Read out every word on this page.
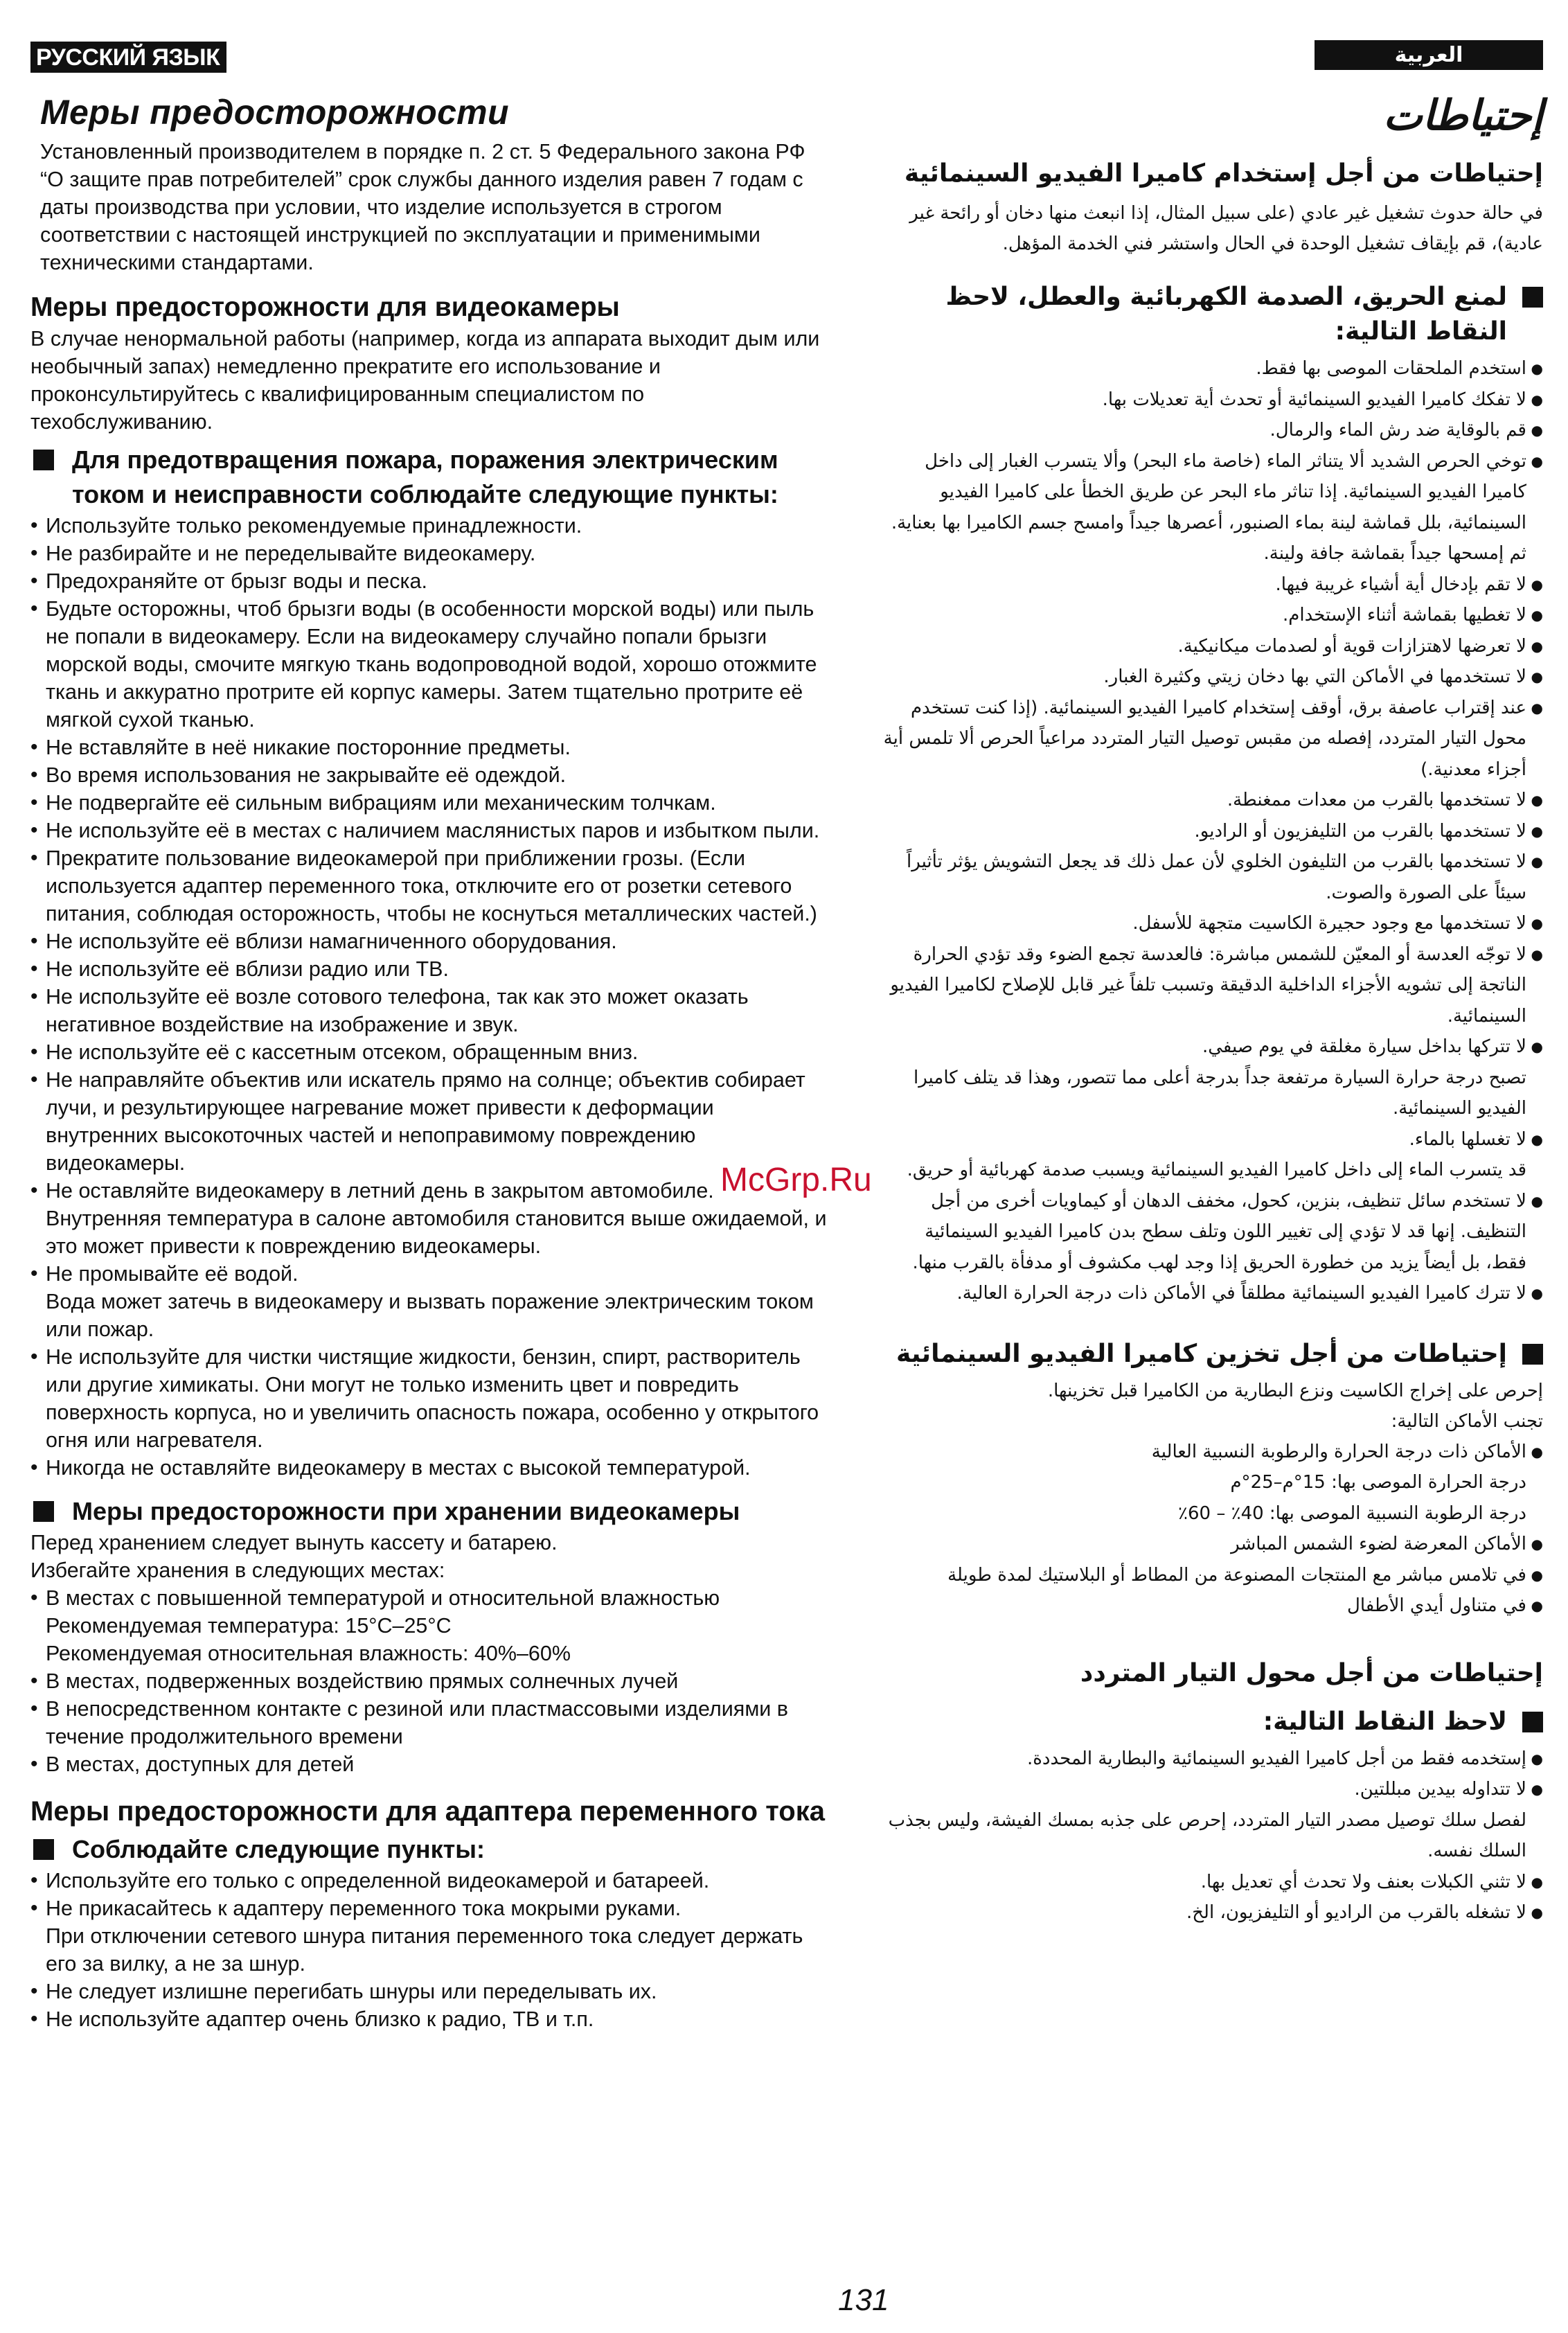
РУССКИЙ ЯЗЫК
Меры предосторожности

Установленный производителем в порядке п. 2 ст. 5 Федерального закона РФ “О защите прав потребителей” срок службы данного изделия равен 7 годам с даты производства при условии, что изделие используется в строгом соответствии с настоящей инструкцией по эксплуатации и применимыми техническими стандартами.

Меры предосторожности для видеокамеры
В случае ненормальной работы (например, когда из аппарата выходит дым или необычный запах) немедленно прекратите его использование и проконсультируйтесь с квалифицированным специалистом по техобслуживанию.
Для предотвращения пожара, поражения электрическим током и неисправности соблюдайте следующие пункты:
• Используйте только рекомендуемые принадлежности.
• Не разбирайте и не переделывайте видеокамеру.
• Предохраняйте от брызг воды и песка.
• Будьте осторожны, чтоб брызги воды (в особенности морской воды) или пыль не попали в видеокамеру. Если на видеокамеру случайно попали брызги морской воды, смочите мягкую ткань водопроводной водой, хорошо отожмите ткань и аккуратно протрите ей корпус камеры. Затем тщательно протрите её мягкой сухой тканью.
• Не вставляйте в неё никакие посторонние предметы.
• Во время использования не закрывайте её одеждой.
• Не подвергайте её сильным вибрациям или механическим толчкам.
• Не используйте её в местах с наличием маслянистых паров и избытком пыли.
• Прекратите пользование видеокамерой при приближении грозы. (Если используется адаптер переменного тока, отключите его от розетки сетевого питания, соблюдая осторожность, чтобы не коснуться металлических частей.)
• Не используйте её вблизи намагниченного оборудования.
• Не используйте её вблизи радио или ТВ.
• Не используйте её возле сотового телефона, так как это может оказать негативное воздействие на изображение и звук.
• Не используйте её с кассетным отсеком, обращенным вниз.
• Не направляйте объектив или искатель прямо на солнце; объектив собирает лучи, и результирующее нагревание может привести к деформации внутренних высокоточных частей и непоправимому повреждению видеокамеры.
• Не оставляйте видеокамеру в летний день в закрытом автомобиле. Внутренняя температура в салоне автомобиля становится выше ожидаемой, и это может привести к повреждению видеокамеры.
• Не промывайте её водой.
Вода может затечь в видеокамеру и вызвать поражение электрическим током или пожар.
• Не используйте для чистки чистящие жидкости, бензин, спирт, растворитель или другие химикаты. Они могут не только изменить цвет и повредить поверхность корпуса, но и увеличить опасность пожара, особенно у открытого огня или нагревателя.
• Никогда не оставляйте видеокамеру в местах с высокой температурой.
Меры предосторожности при хранении видеокамеры
Перед хранением следует вынуть кассету и батарею.
Избегайте хранения в следующих местах:
• В местах с повышенной температурой и относительной влажностью
Рекомендуемая температура: 15°C–25°C
Рекомендуемая относительная влажность: 40%–60%
• В местах, подверженных воздействию прямых солнечных лучей
• В непосредственном контакте с резиной или пластмассовыми изделиями в течение продолжительного времени
• В местах, доступных для детей
Меры предосторожности для адаптера переменного тока
Соблюдайте следующие пункты:
• Используйте его только с определенной видеокамерой и батареей.
• Не прикасайтесь к адаптеру переменного тока мокрыми руками.
При отключении сетевого шнура питания переменного тока следует держать его за вилку, а не за шнур.
• Не следует излишне перегибать шнуры или переделывать их.
• Не используйте адаптер очень близко к радио, ТВ и т.п.
العربية
إحتياطات
إحتياطات من أجل إستخدام كاميرا الفيديو السينمائية

في حالة حدوث تشغيل غير عادي (على سبيل المثال، إذا انبعث منها دخان أو رائحة غير عادية)، قم بإيقاف تشغيل الوحدة في الحال واستشر فني الخدمة المؤهل.

لمنع الحريق، الصدمة الكهربائية والعطل، لاحظ النقاط التالية:
● استخدم الملحقات الموصى بها فقط.
● لا تفكك كاميرا الفيديو السينمائية أو تحدث أية تعديلات بها.
● قم بالوقاية ضد رش الماء والرمال.
● توخي الحرص الشديد ألا يتناثر الماء (خاصة ماء البحر) وألا يتسرب الغبار إلى داخل كاميرا الفيديو السينمائية. إذا تناثر ماء البحر عن طريق الخطأ على كاميرا الفيديو السينمائية، بلل قماشة لينة بماء الصنبور، أعصرها جيداً وامسح جسم الكاميرا بها بعناية. ثم إمسحها جيداً بقماشة جافة ولينة.
● لا تقم بإدخال أية أشياء غريبة فيها.
● لا تغطيها بقماشة أثناء الإستخدام.
● لا تعرضها لاهتزازات قوية أو لصدمات ميكانيكية.
● لا تستخدمها في الأماكن التي بها دخان زيتي وكثيرة الغبار.
● عند إقتراب عاصفة برق، أوقف إستخدام كاميرا الفيديو السينمائية. (إذا كنت تستخدم محول التيار المتردد، إفصله من مقبس توصيل التيار المتردد مراعياً الحرص ألا تلمس أية أجزاء معدنية.)
● لا تستخدمها بالقرب من معدات ممغنطة.
● لا تستخدمها بالقرب من التليفزيون أو الراديو.
● لا تستخدمها بالقرب من التليفون الخلوي لأن عمل ذلك قد يجعل التشويش يؤثر تأثيراً سيئاً على الصورة والصوت.
● لا تستخدمها مع وجود حجيرة الكاسيت متجهة للأسفل.
● لا توجّه العدسة أو المعيّن للشمس مباشرة: فالعدسة تجمع الضوء وقد تؤدي الحرارة الناتجة إلى تشويه الأجزاء الداخلية الدقيقة وتسبب تلفاً غير قابل للإصلاح لكاميرا الفيديو السينمائية.
● لا تتركها بداخل سيارة مغلقة في يوم صيفي.
تصبح درجة حرارة السيارة مرتفعة جداً بدرجة أعلى مما تتصور، وهذا قد يتلف كاميرا الفيديو السينمائية.
● لا تغسلها بالماء.
قد يتسرب الماء إلى داخل كاميرا الفيديو السينمائية ويسبب صدمة كهربائية أو حريق.
● لا تستخدم سائل تنظيف، بنزين، كحول، مخفف الدهان أو كيماويات أخرى من أجل التنظيف. إنها قد لا تؤدي إلى تغيير اللون وتلف سطح بدن كاميرا الفيديو السينمائية فقط، بل أيضاً يزيد من خطورة الحريق إذا وجد لهب مكشوف أو مدفأة بالقرب منها.
● لا تترك كاميرا الفيديو السينمائية مطلقاً في الأماكن ذات درجة الحرارة العالية.
إحتياطات من أجل تخزين كاميرا الفيديو السينمائية

إحرص على إخراج الكاسيت ونزع البطارية من الكاميرا قبل تخزينها.

تجنب الأماكن التالية:

● الأماكن ذات درجة الحرارة والرطوبة النسبية العالية
درجة الحرارة الموصى بها: 15°م–25°م
درجة الرطوبة النسبية الموصى بها: 40٪ – 60٪
● الأماكن المعرضة لضوء الشمس المباشر
● في تلامس مباشر مع المنتجات المصنوعة من المطاط أو البلاستيك لمدة طويلة
● في متناول أيدي الأطفال
إحتياطات من أجل محول التيار المتردد
لاحظ النقاط التالية:
● إستخدمه فقط من أجل كاميرا الفيديو السينمائية والبطارية المحددة.
● لا تتداوله بيدين مبللتين.
لفصل سلك توصيل مصدر التيار المتردد، إحرص على جذبه بمسك الفيشة، وليس بجذب السلك نفسه.
● لا تثني الكبلات بعنف ولا تحدث أي تعديل بها.
● لا تشغله بالقرب من الراديو أو التليفزيون، الخ.
McGrp.Ru
131
